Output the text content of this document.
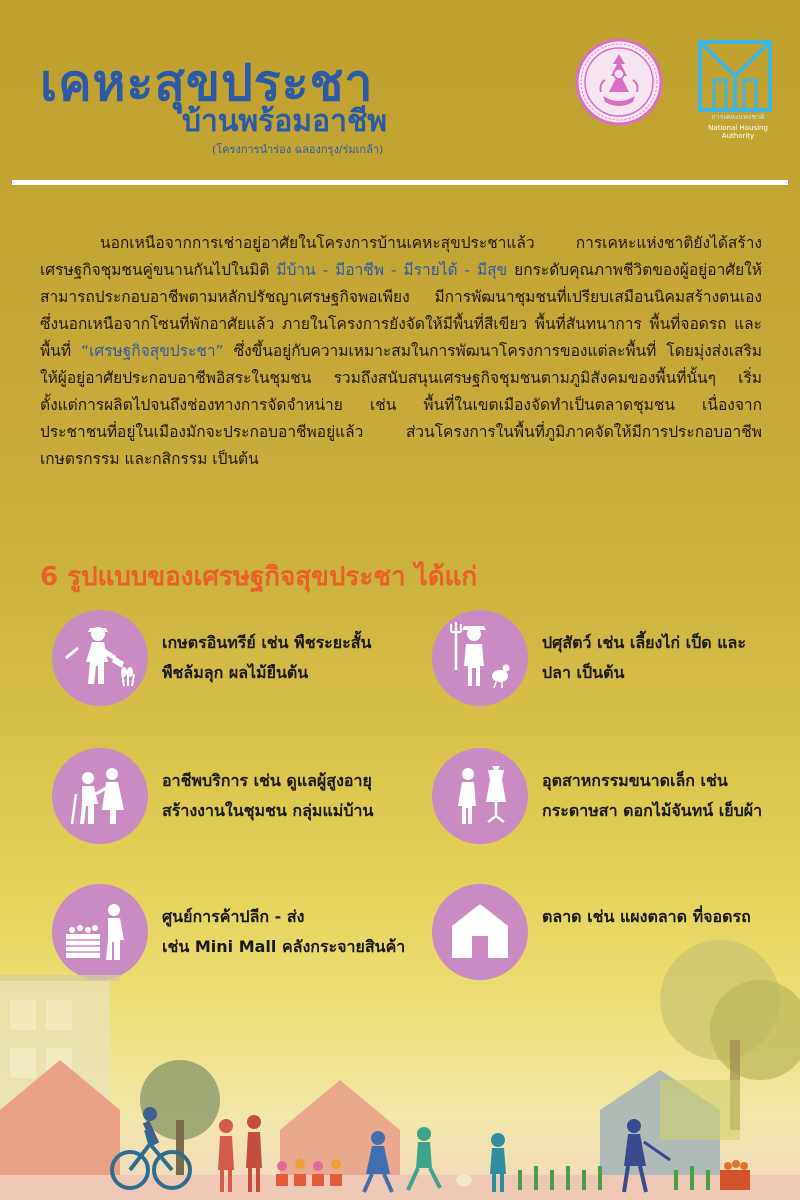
เคหะสุขประชา
บ้านพร้อมอาชีพ
(โครงการนำร่อง ฉลองกรุง/ร่มเกล้า)
การเคหะแห่งชาติ
National Housing Authority
นอกเหนือจากการเช่าอยู่อาศัยในโครงการบ้านเคหะสุขประชาแล้ว การเคหะแห่งชาติยังได้สร้างเศรษฐกิจชุมชนคู่ขนานกันไปในมิติ มีบ้าน - มีอาชีพ - มีรายได้ - มีสุข ยกระดับคุณภาพชีวิตของผู้อยู่อาศัยให้สามารถประกอบอาชีพตามหลักปรัชญาเศรษฐกิจพอเพียง มีการพัฒนาชุมชนที่เปรียบเสมือนนิคมสร้างตนเอง ซึ่งนอกเหนือจากโซนที่พักอาศัยแล้ว ภายในโครงการยังจัดให้มีพื้นที่สีเขียว พื้นที่สันทนาการ พื้นที่จอดรถ และพื้นที่ “เศรษฐกิจสุขประชา” ซึ่งขึ้นอยู่กับความเหมาะสมในการพัฒนาโครงการของแต่ละพื้นที่ โดยมุ่งส่งเสริมให้ผู้อยู่อาศัยประกอบอาชีพอิสระในชุมชน รวมถึงสนับสนุนเศรษฐกิจชุมชนตามภูมิสังคมของพื้นที่นั้นๆ เริ่มตั้งแต่การผลิตไปจนถึงช่องทางการจัดจำหน่าย เช่น พื้นที่ในเขตเมืองจัดทำเป็นตลาดชุมชน เนื่องจากประชาชนที่อยู่ในเมืองมักจะประกอบอาชีพอยู่แล้ว ส่วนโครงการในพื้นที่ภูมิภาคจัดให้มีการประกอบอาชีพเกษตรกรรม และกสิกรรม เป็นต้น
6 รูปแบบของเศรษฐกิจสุขประชา ได้แก่
เกษตรอินทรีย์ เช่น พืชระยะสั้น
พืชล้มลุก ผลไม้ยืนต้น
ปศุสัตว์ เช่น เลี้ยงไก่ เป็ด และ
ปลา เป็นต้น
อาชีพบริการ เช่น ดูแลผู้สูงอายุ
สร้างงานในชุมชน กลุ่มแม่บ้าน
อุตสาหกรรมขนาดเล็ก เช่น
กระดาษสา ดอกไม้จันทน์ เย็บผ้า
ศูนย์การค้าปลีก - ส่ง
เช่น Mini Mall คลังกระจายสินค้า
ตลาด เช่น แผงตลาด ที่จอดรถ
